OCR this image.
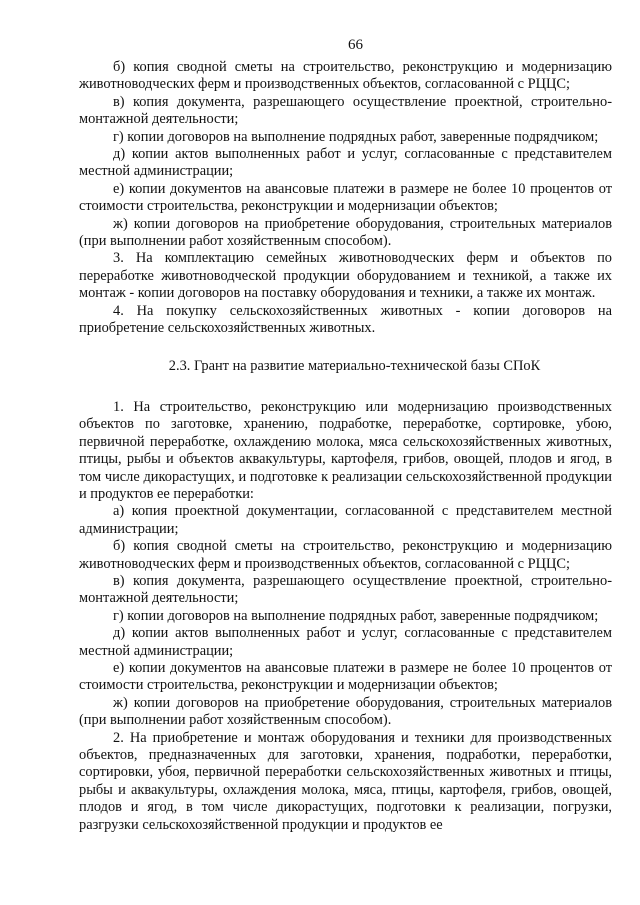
66

б) копия сводной сметы на строительство, реконструкцию и модернизацию животноводческих ферм и производственных объектов, согласованной с РЦЦС;

в) копия документа, разрешающего осуществление проектной, строительно-монтажной деятельности;

г) копии договоров на выполнение подрядных работ, заверенные подрядчиком;

д) копии актов выполненных работ и услуг, согласованные с представителем местной администрации;

е) копии документов на авансовые платежи в размере не более 10 процентов от стоимости строительства, реконструкции и модернизации объектов;

ж) копии договоров на приобретение оборудования, строительных материалов (при выполнении работ хозяйственным способом).

3. На комплектацию семейных животноводческих ферм и объектов по переработке животноводческой продукции оборудованием и техникой, а также их монтаж - копии договоров на поставку оборудования и техники, а также их монтаж.

4. На покупку сельскохозяйственных животных - копии договоров на приобретение сельскохозяйственных животных.

2.3. Грант на развитие материально-технической базы СПоК

1. На строительство, реконструкцию или модернизацию производственных объектов по заготовке, хранению, подработке, переработке, сортировке, убою, первичной переработке, охлаждению молока, мяса сельскохозяйственных животных, птицы, рыбы и объектов аквакультуры, картофеля, грибов, овощей, плодов и ягод, в том числе дикорастущих, и подготовке к реализации сельскохозяйственной продукции и продуктов ее переработки:

а) копия проектной документации, согласованной с представителем местной администрации;

б) копия сводной сметы на строительство, реконструкцию и модернизацию животноводческих ферм и производственных объектов, согласованной с РЦЦС;

в) копия документа, разрешающего осуществление проектной, строительно-монтажной деятельности;

г) копии договоров на выполнение подрядных работ, заверенные подрядчиком;

д) копии актов выполненных работ и услуг, согласованные с представителем местной администрации;

е) копии документов на авансовые платежи в размере не более 10 процентов от стоимости строительства, реконструкции и модернизации объектов;

ж) копии договоров на приобретение оборудования, строительных материалов (при выполнении работ хозяйственным способом).

2. На приобретение и монтаж оборудования и техники для производственных объектов, предназначенных для заготовки, хранения, подработки, переработки, сортировки, убоя, первичной переработки сельскохозяйственных животных и птицы, рыбы и аквакультуры, охлаждения молока, мяса, птицы, картофеля, грибов, овощей, плодов и ягод, в том числе дикорастущих, подготовки к реализации, погрузки, разгрузки сельскохозяйственной продукции и продуктов ее
